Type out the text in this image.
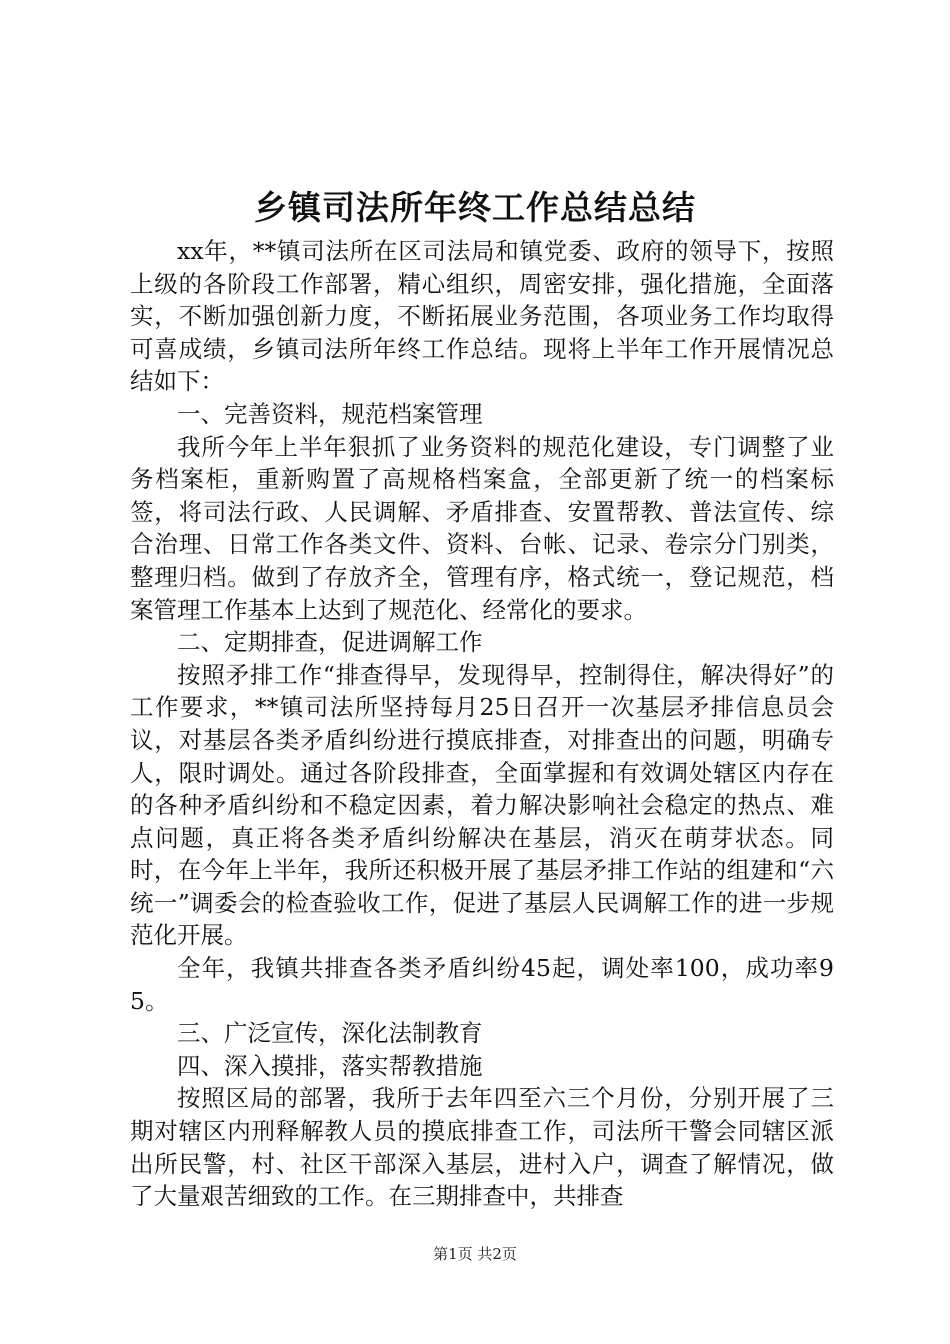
乡镇司法所年终工作总结总结

xx年，**镇司法所在区司法局和镇党委、政府的领导下，按照上级的各阶段工作部署，精心组织，周密安排，强化措施，全面落实，不断加强创新力度，不断拓展业务范围，各项业务工作均取得可喜成绩，乡镇司法所年终工作总结。现将上半年工作开展情况总结如下：

一、完善资料，规范档案管理

我所今年上半年狠抓了业务资料的规范化建设，专门调整了业务档案柜，重新购置了高规格档案盒，全部更新了统一的档案标签，将司法行政、人民调解、矛盾排查、安置帮教、普法宣传、综合治理、日常工作各类文件、资料、台帐、记录、卷宗分门别类，整理归档。做到了存放齐全，管理有序，格式统一，登记规范，档案管理工作基本上达到了规范化、经常化的要求。

二、定期排查，促进调解工作

按照矛排工作“排查得早，发现得早，控制得住，解决得好”的工作要求，**镇司法所坚持每月25日召开一次基层矛排信息员会议，对基层各类矛盾纠纷进行摸底排查，对排查出的问题，明确专人，限时调处。通过各阶段排查，全面掌握和有效调处辖区内存在的各种矛盾纠纷和不稳定因素，着力解决影响社会稳定的热点、难点问题，真正将各类矛盾纠纷解决在基层，消灭在萌芽状态。同时，在今年上半年，我所还积极开展了基层矛排工作站的组建和“六统一”调委会的检查验收工作，促进了基层人民调解工作的进一步规范化开展。

全年，我镇共排查各类矛盾纠纷45起，调处率100，成功率95。

三、广泛宣传，深化法制教育

四、深入摸排，落实帮教措施

按照区局的部署，我所于去年四至六三个月份，分别开展了三期对辖区内刑释解教人员的摸底排查工作，司法所干警会同辖区派出所民警，村、社区干部深入基层，进村入户，调查了解情况，做了大量艰苦细致的工作。在三期排查中，共排查

第1页 共2页
